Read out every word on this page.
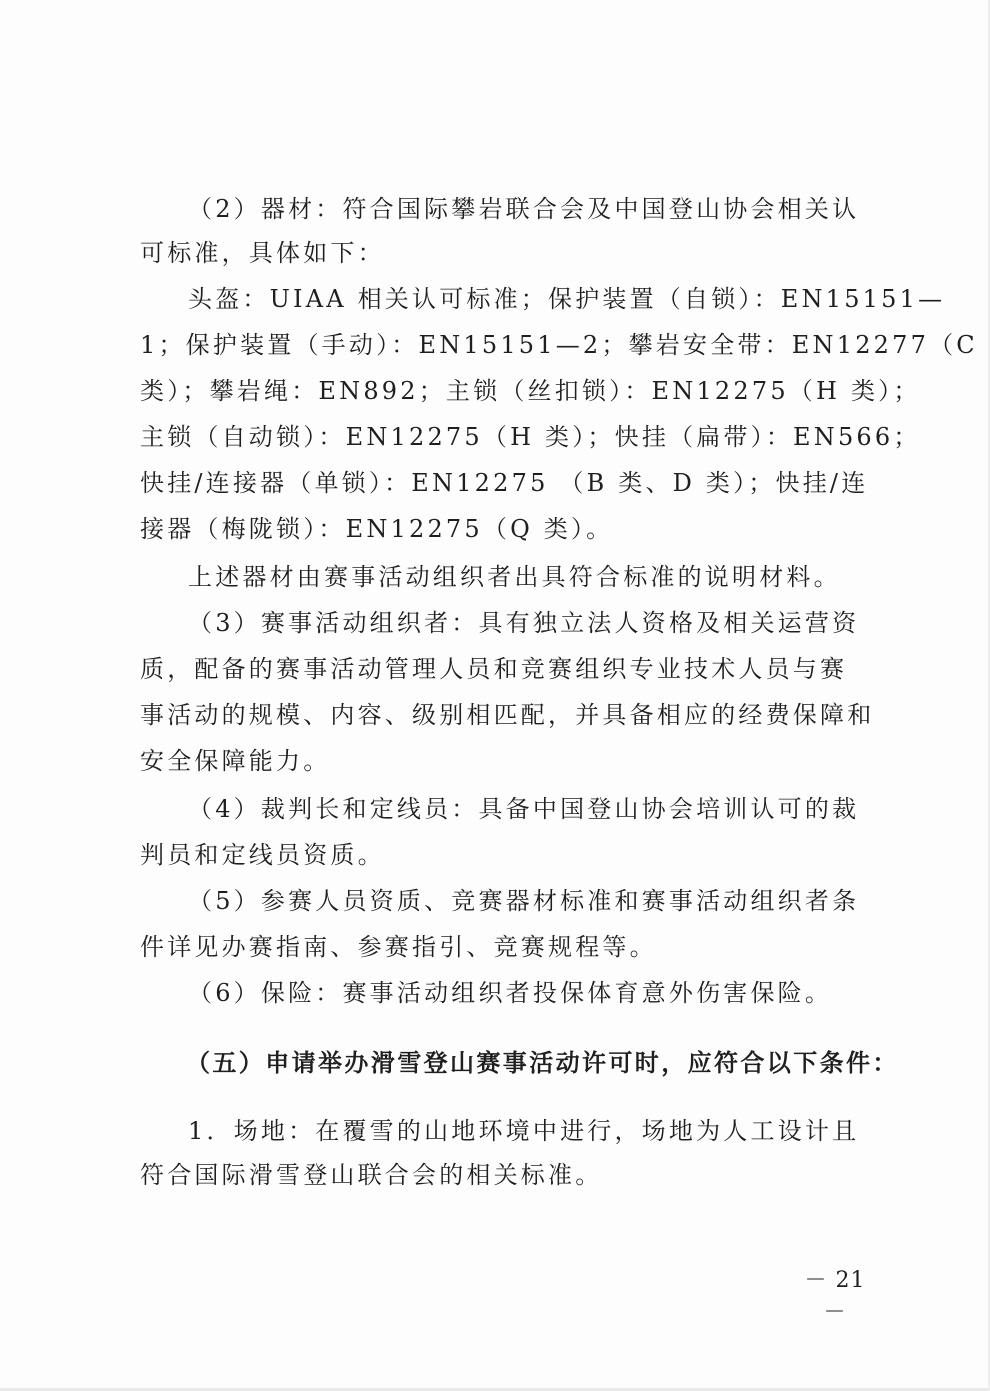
（2）器材：符合国际攀岩联合会及中国登山协会相关认
可标准，具体如下：
头盔：UIAA 相关认可标准；保护装置（自锁）：EN15151—
1；保护装置（手动）：EN15151—2；攀岩安全带：EN12277（C
类）；攀岩绳：EN892；主锁（丝扣锁）：EN12275（H 类）；
主锁（自动锁）：EN12275（H 类）；快挂（扁带）：EN566；
快挂/连接器（单锁）：EN12275 （B 类、D 类）；快挂/连
接器（梅陇锁）：EN12275（Q 类）。
上述器材由赛事活动组织者出具符合标准的说明材料。
（3）赛事活动组织者：具有独立法人资格及相关运营资
质，配备的赛事活动管理人员和竞赛组织专业技术人员与赛
事活动的规模、内容、级别相匹配，并具备相应的经费保障和
安全保障能力。
（4）裁判长和定线员：具备中国登山协会培训认可的裁
判员和定线员资质。
（5）参赛人员资质、竞赛器材标准和赛事活动组织者条
件详见办赛指南、参赛指引、竞赛规程等。
（6）保险：赛事活动组织者投保体育意外伤害保险。
（五）申请举办滑雪登山赛事活动许可时，应符合以下条件：
1．场地：在覆雪的山地环境中进行，场地为人工设计且
符合国际滑雪登山联合会的相关标准。
－ 21 －
